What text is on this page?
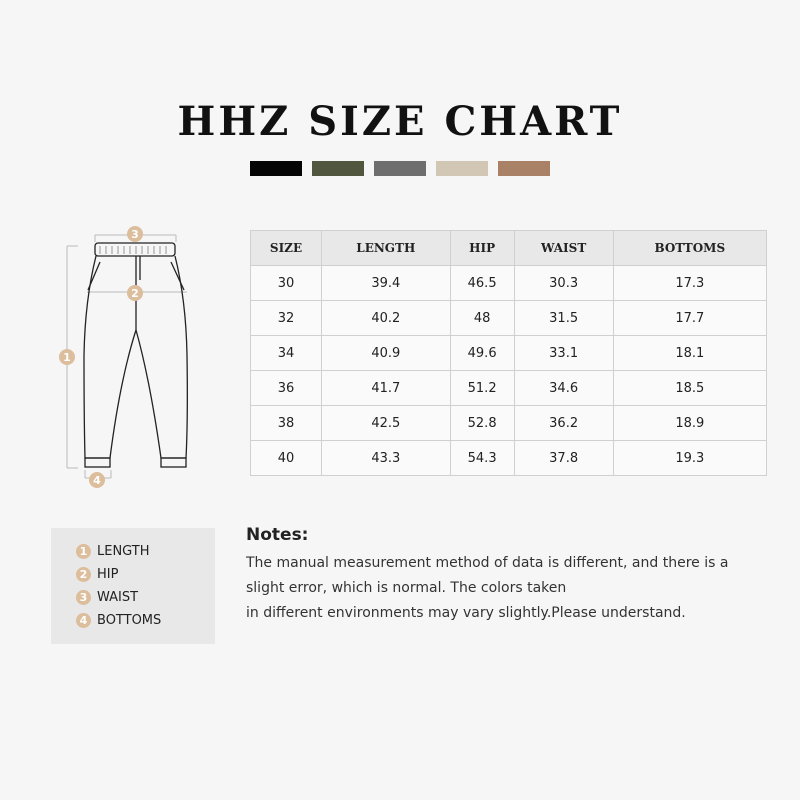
HHZ SIZE CHART
1
2
3
4
SIZE	LENGTH	HIP	WAIST	BOTTOMS
30	39.4	46.5	30.3	17.3
32	40.2	48	31.5	17.7
34	40.9	49.6	33.1	18.1
36	41.7	51.2	34.6	18.5
38	42.5	52.8	36.2	18.9
40	43.3	54.3	37.8	19.3
1 LENGTH
2 HIP
3 WAIST
4 BOTTOMS
Notes:
The manual measurement method of data is different, and there is a
slight error, which is normal. The colors taken
in different environments may vary slightly.Please understand.
